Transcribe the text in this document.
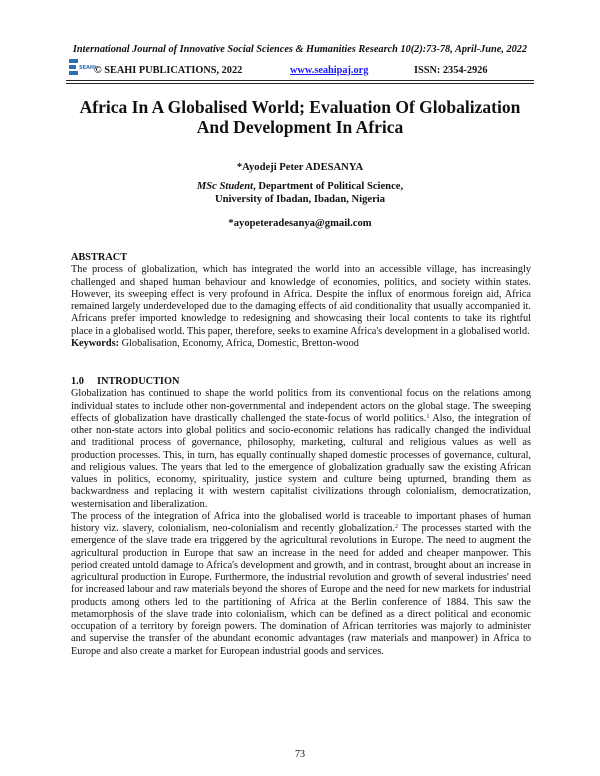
International Journal of Innovative Social Sciences & Humanities Research 10(2):73-78, April-June, 2022
SEAHI
© SEAHI PUBLICATIONS, 2022	www.seahipaj.org	ISSN: 2354-2926
Africa In A Globalised World; Evaluation Of Globalization
And Development In Africa
*Ayodeji Peter ADESANYA
MSc Student, Department of Political Science,
University of Ibadan, Ibadan, Nigeria
*ayopeteradesanya@gmail.com
ABSTRACT

The process of globalization, which has integrated the world into an accessible village, has increasingly challenged and shaped human behaviour and knowledge of economies, politics, and society within states. However, its sweeping effect is very profound in Africa. Despite the influx of enormous foreign aid, Africa remained largely underdeveloped due to the damaging effects of aid conditionality that usually accompanied it. Africans prefer imported knowledge to redesigning and showcasing their local contents to take its rightful place in a globalised world. This paper, therefore, seeks to examine Africa's development in a globalised world.

Keywords: Globalisation, Economy, Africa, Domestic, Bretton-wood
1.0 INTRODUCTION

Globalization has continued to shape the world politics from its conventional focus on the relations among individual states to include other non-governmental and independent actors on the global stage. The sweeping effects of globalization have drastically challenged the state-focus of world politics.$^1$ Also, the integration of other non-state actors into global politics and socio-economic relations has radically changed the individual and traditional process of governance, philosophy, marketing, cultural and religious values as well as production processes. This, in turn, has equally continually shaped domestic processes of governance, cultural, and religious values. The years that led to the emergence of globalization gradually saw the existing African values in politics, economy, spirituality, justice system and culture being upturned, branding them as backwardness and replacing it with western capitalist civilizations through colonialism, democratization, westernisation and liberalization.

The process of the integration of Africa into the globalised world is traceable to important phases of human history viz. slavery, colonialism, neo-colonialism and recently globalization.$^2$ The processes started with the emergence of the slave trade era triggered by the agricultural revolutions in Europe. The need to augment the agricultural production in Europe that saw an increase in the need for added and cheaper manpower. This period created untold damage to Africa's development and growth, and in contrast, brought about an increase in agricultural production in Europe. Furthermore, the industrial revolution and growth of several industries' need for increased labour and raw materials beyond the shores of Europe and the need for new markets for industrial products among others led to the partitioning of Africa at the Berlin conference of 1884. This saw the metamorphosis of the slave trade into colonialism, which can be defined as a direct political and economic occupation of a territory by foreign powers. The domination of African territories was majorly to administer and supervise the transfer of the abundant economic advantages (raw materials and manpower) in Africa to Europe and also create a market for European industrial goods and services.

73
